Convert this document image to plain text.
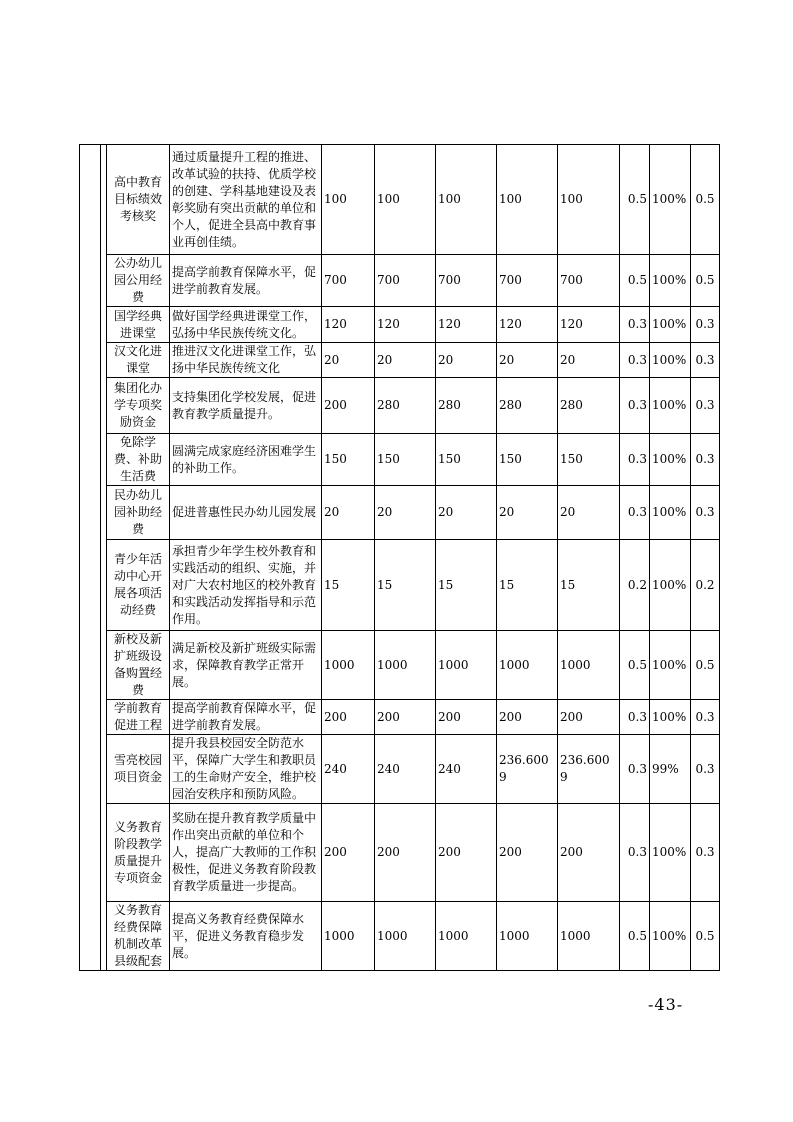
		高中教育目标绩效考核奖	通过质量提升工程的推进、改革试验的扶持、优质学校的创建、学科基地建设及表彰奖励有突出贡献的单位和个人，促进全县高中教育事业再创佳绩。	100	100	100	100	100	0.5	100%	0.5
		公办幼儿园公用经费	提高学前教育保障水平，促进学前教育发展。	700	700	700	700	700	0.5	100%	0.5
		国学经典进课堂	做好国学经典进课堂工作，弘扬中华民族传统文化。	120	120	120	120	120	0.3	100%	0.3
		汉文化进课堂	推进汉文化进课堂工作，弘扬中华民族传统文化	20	20	20	20	20	0.3	100%	0.3
		集团化办学专项奖励资金	支持集团化学校发展，促进教育教学质量提升。	200	280	280	280	280	0.3	100%	0.3
		免除学费、补助生活费	圆满完成家庭经济困难学生的补助工作。	150	150	150	150	150	0.3	100%	0.3
		民办幼儿园补助经费	促进普惠性民办幼儿园发展	20	20	20	20	20	0.3	100%	0.3
		青少年活动中心开展各项活动经费	承担青少年学生校外教育和实践活动的组织、实施，并对广大农村地区的校外教育和实践活动发挥指导和示范作用。	15	15	15	15	15	0.2	100%	0.2
		新校及新扩班级设备购置经费	满足新校及新扩班级实际需求，保障教育教学正常开展。	1000	1000	1000	1000	1000	0.5	100%	0.5
		学前教育促进工程	提高学前教育保障水平，促进学前教育发展。	200	200	200	200	200	0.3	100%	0.3
		雪亮校园项目资金	提升我县校园安全防范水平，保障广大学生和教职员工的生命财产安全，维护校园治安秩序和预防风险。	240	240	240	236.6009	236.6009	0.3	99%	0.3
		义务教育阶段教学质量提升专项资金	奖励在提升教育教学质量中作出突出贡献的单位和个人，提高广大教师的工作积极性，促进义务教育阶段教育教学质量进一步提高。	200	200	200	200	200	0.3	100%	0.3
		义务教育经费保障机制改革县级配套	提高义务教育经费保障水平，促进义务教育稳步发展。	1000	1000	1000	1000	1000	0.5	100%	0.5
-43-
